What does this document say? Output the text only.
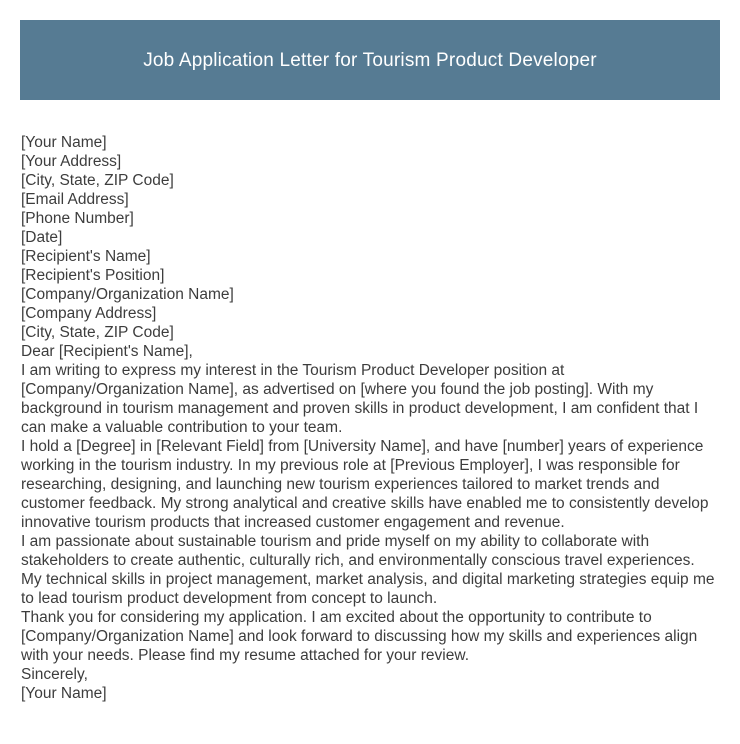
Job Application Letter for Tourism Product Developer
[Your Name]
[Your Address]
[City, State, ZIP Code]
[Email Address]
[Phone Number]
[Date]
[Recipient's Name]
[Recipient's Position]
[Company/Organization Name]
[Company Address]
[City, State, ZIP Code]
Dear [Recipient's Name],
I am writing to express my interest in the Tourism Product Developer position at [Company/Organization Name], as advertised on [where you found the job posting]. With my background in tourism management and proven skills in product development, I am confident that I can make a valuable contribution to your team.
I hold a [Degree] in [Relevant Field] from [University Name], and have [number] years of experience working in the tourism industry. In my previous role at [Previous Employer], I was responsible for researching, designing, and launching new tourism experiences tailored to market trends and customer feedback. My strong analytical and creative skills have enabled me to consistently develop innovative tourism products that increased customer engagement and revenue.
I am passionate about sustainable tourism and pride myself on my ability to collaborate with stakeholders to create authentic, culturally rich, and environmentally conscious travel experiences. My technical skills in project management, market analysis, and digital marketing strategies equip me to lead tourism product development from concept to launch.
Thank you for considering my application. I am excited about the opportunity to contribute to [Company/Organization Name] and look forward to discussing how my skills and experiences align with your needs. Please find my resume attached for your review.
Sincerely,
[Your Name]
